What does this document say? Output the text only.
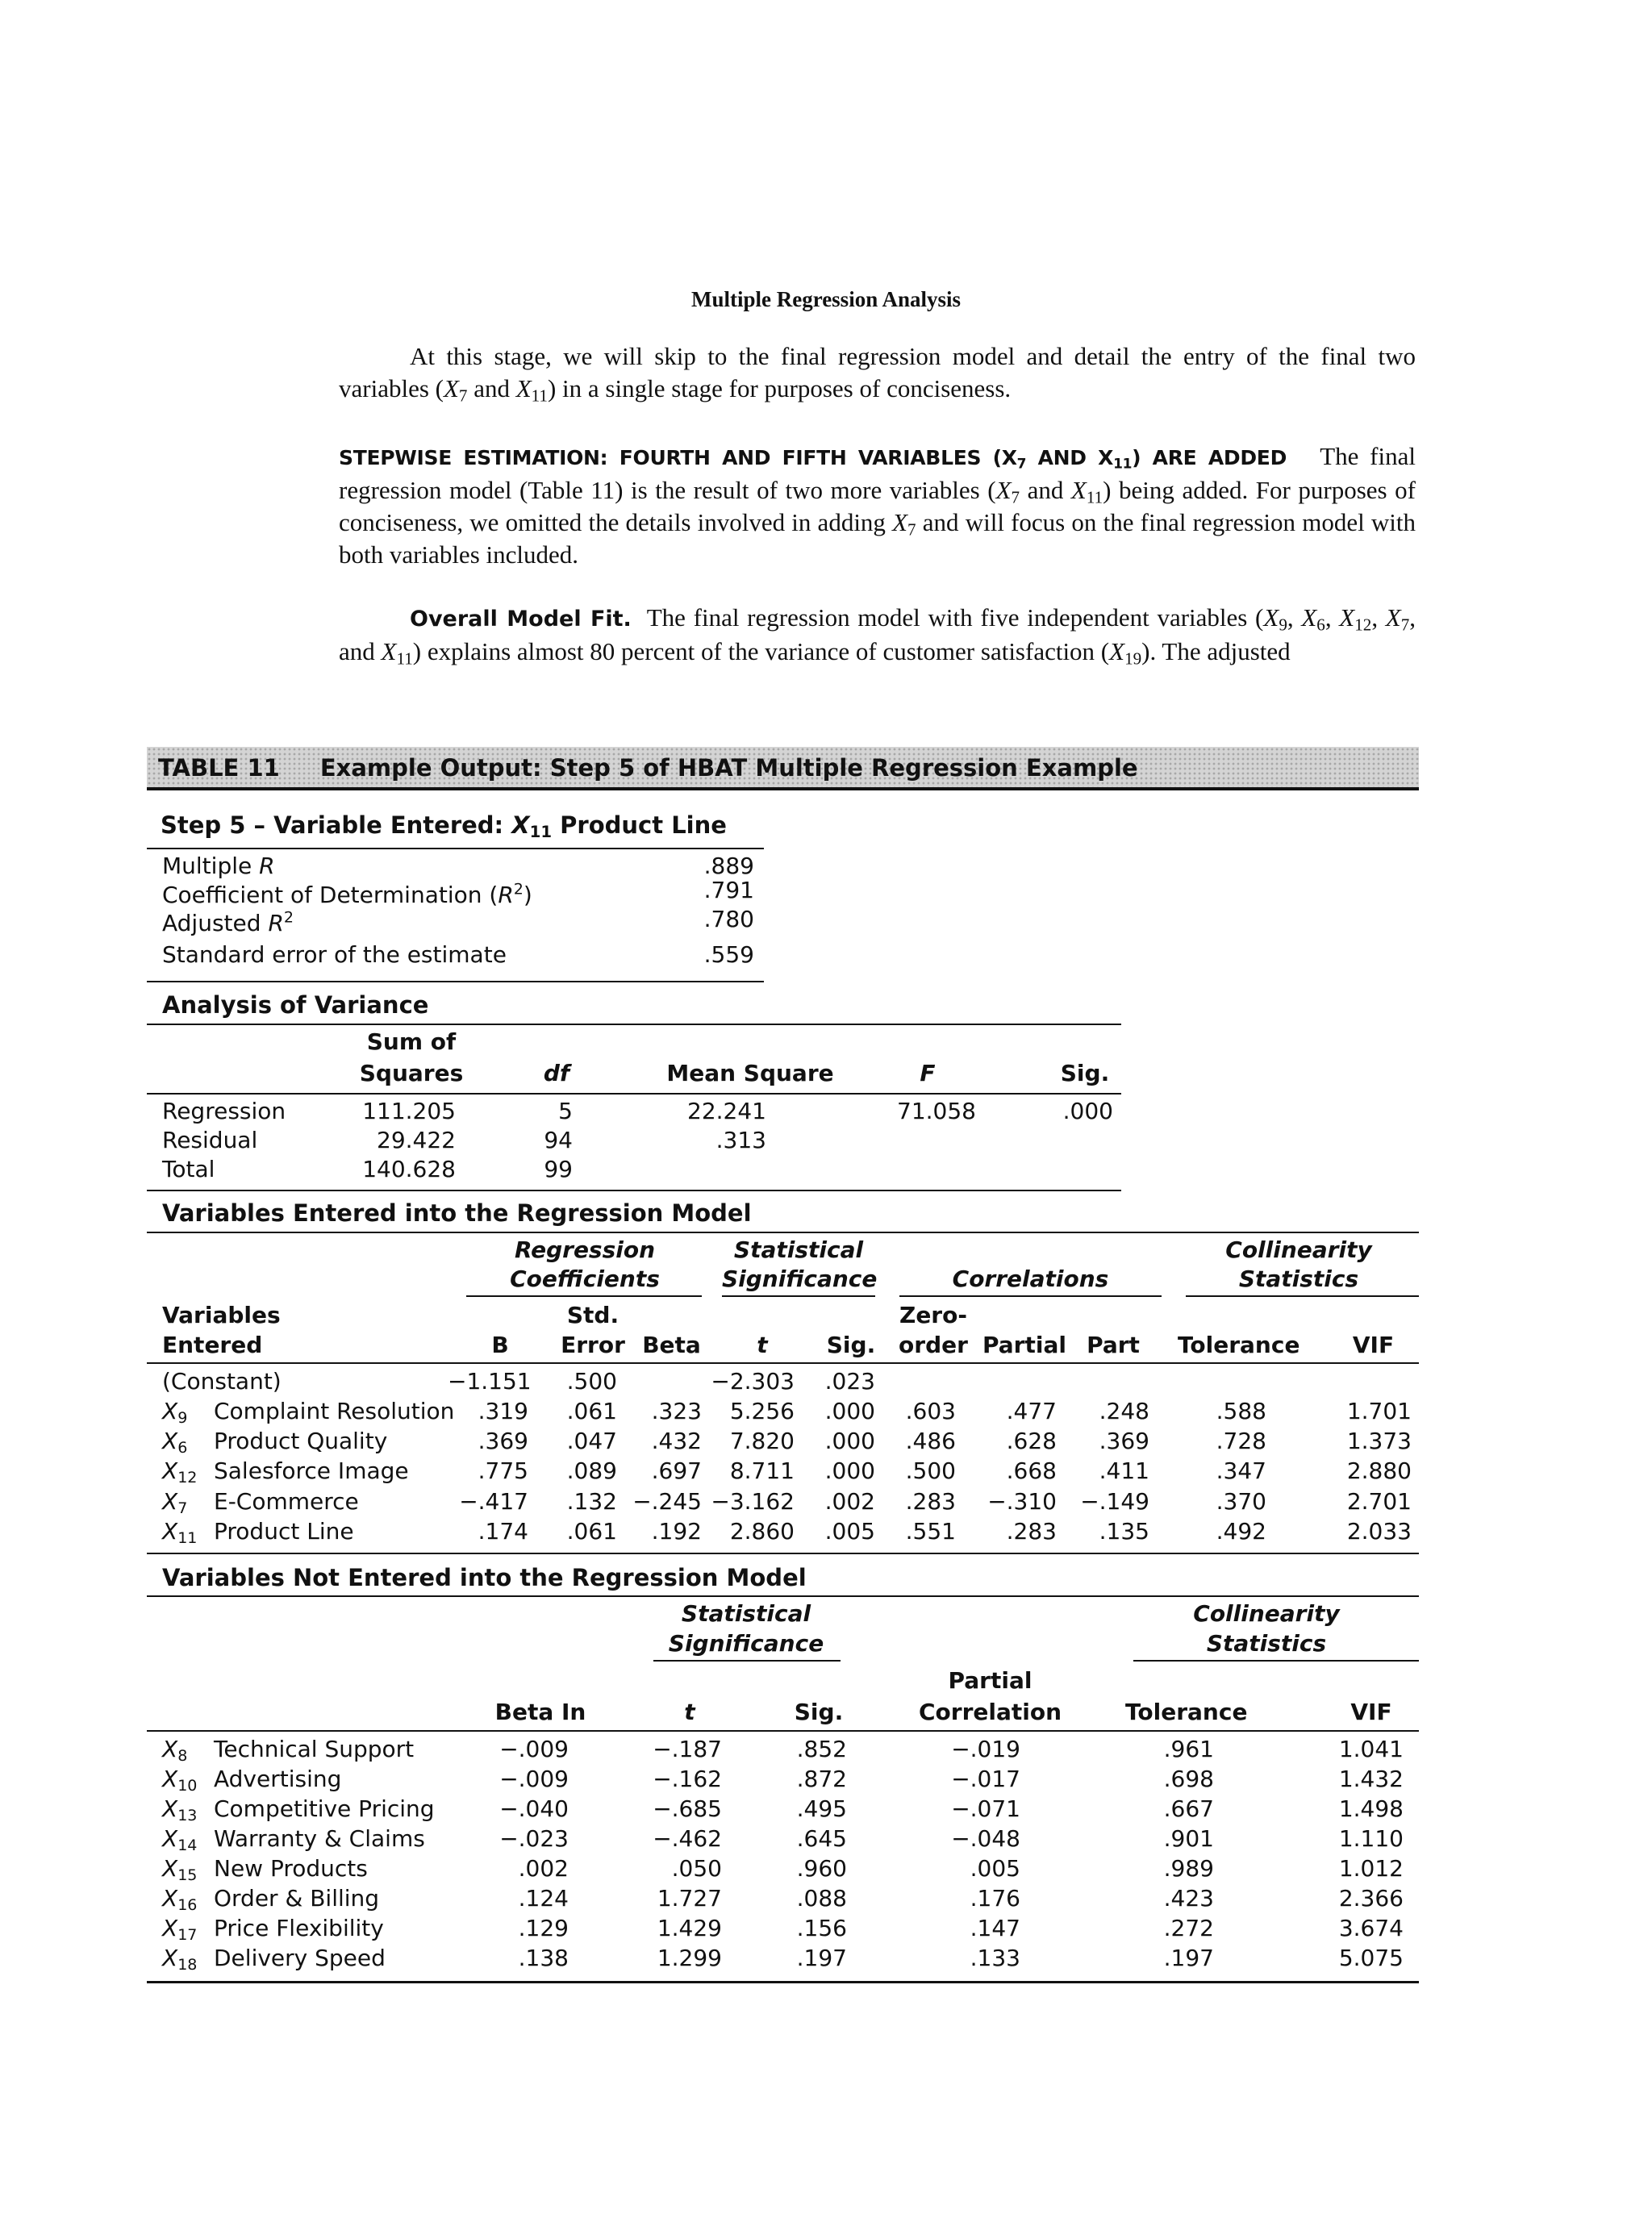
Multiple Regression Analysis

At this stage, we will skip to the final regression model and detail the entry of the final two variables ($X_7$ and $X_{11}$) in a single stage for purposes of conciseness.

STEPWISE ESTIMATION: FOURTH AND FIFTH VARIABLES ($X_7$ AND $X_{11}$) ARE ADDED The final regression model (Table 11) is the result of two more variables ($X_7$ and $X_{11}$) being added. For purposes of conciseness, we omitted the details involved in adding $X_7$ and will focus on the final regression model with both variables included.

Overall Model Fit. The final regression model with five independent variables ($X_9$, $X_6$, $X_{12}$, $X_7$, and $X_{11}$) explains almost 80 percent of the variance of customer satisfaction $(X_{19})$. The adjusted

TABLE 11 Example Output: Step 5 of HBAT Multiple Regression Example
Step 5 – Variable Entered: $X_{11}$ Product Line
Multiple R	.889
Coefficient of Determination $(R^2)$	.791
Adjusted $R^2$	.780
Standard error of the estimate	.559
Analysis of Variance
Sum of
Squares	df	Mean Square	F	Sig.
Regression	111.205	5	22.241	71.058	.000
Residual	29.422	94	.313
Total	140.628	99
Variables Entered into the Regression Model
Regression
Coefficients
Statistical
Significance	Correlations
Collinearity
Statistics
Variables
Entered	B
Std.
Error Beta	t	Sig.
Zero-
order Partial Part Tolerance	VIF
(Constant)	−1.151	.500	−2.303	.023
$X_9$ Complaint Resolution	.319	.061	.323	5.256	.000	.603	.477	.248	.588	1.701
$X_6$ Product Quality	.369	.047	.432	7.820	.000	.486	.628	.369	.728	1.373
$X_{12}$ Salesforce Image	.775	.089	.697	8.711	.000	.500	.668	.411	.347	2.880
$X_7$ E-Commerce	−.417	.132 −.245 −3.162	.002	.283	−.310	−.149	.370	2.701
$X_{11}$ Product Line	.174	.061	.192	2.860	.005	.551	.283	.135	.492	2.033
Variables Not Entered into the Regression Model
Statistical
Significance
Collinearity
Statistics
Partial
Beta In	t	Sig.	Correlation	Tolerance	VIF
$X_8$ Technical Support	−.009	−.187	.852	−.019	.961	1.041
$X_{10}$ Advertising	−.009	−.162	.872	−.017	.698	1.432
$X_{13}$ Competitive Pricing	−.040	−.685	.495	−.071	.667	1.498
$X_{14}$ Warranty & Claims	−.023	−.462	.645	−.048	.901	1.110
$X_{15}$ New Products	.002	.050	.960	.005	.989	1.012
$X_{16}$ Order & Billing	.124	1.727	.088	.176	.423	2.366
$X_{17}$ Price Flexibility	.129	1.429	.156	.147	.272	3.674
$X_{18}$ Delivery Speed	.138	1.299	.197	.133	.197	5.075
